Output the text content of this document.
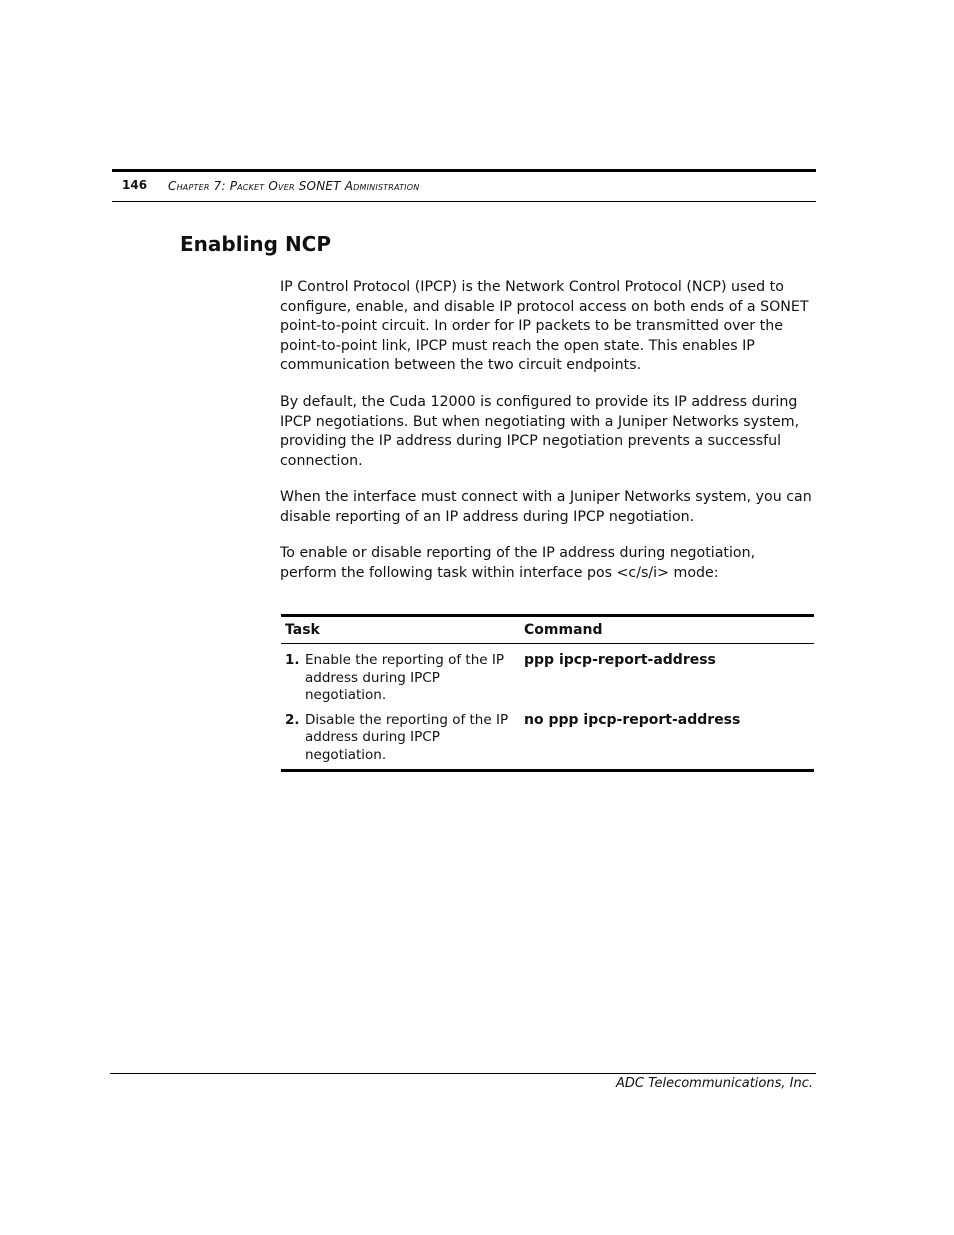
146 Chapter 7: Packet Over SONET Administration
Enabling NCP

IP Control Protocol (IPCP) is the Network Control Protocol (NCP) used to configure, enable, and disable IP protocol access on both ends of a SONET point-to-point circuit. In order for IP packets to be transmitted over the point-to-point link, IPCP must reach the open state. This enables IP communication between the two circuit endpoints.

By default, the Cuda 12000 is configured to provide its IP address during IPCP negotiations. But when negotiating with a Juniper Networks system, providing the IP address during IPCP negotiation prevents a successful connection.

When the interface must connect with a Juniper Networks system, you can disable reporting of an IP address during IPCP negotiation.

To enable or disable reporting of the IP address during negotiation, perform the following task within interface pos <c/s/i> mode:

Task	Command
1. Enable the reporting of the IP address during IPCP negotiation.
ppp ipcp-report-address
2. Disable the reporting of the IP address during IPCP negotiation.
no ppp ipcp-report-address
ADC Telecommunications, Inc.
